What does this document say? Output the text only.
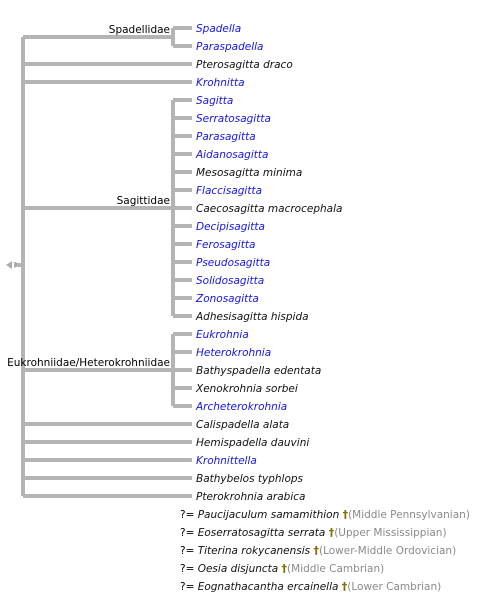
Spadellidae Spadella
Paraspadella
Pterosagitta draco
Krohnitta
Sagittidae
Sagitta
Serratosagitta
Parasagitta
Aidanosagitta
Mesosagitta minima
Flaccisagitta
Caecosagitta macrocephala
Decipisagitta
Ferosagitta
Pseudosagitta
Solidosagitta
Zonosagitta
Adhesisagitta hispida
Eukrohniidae/Heterokrohniidae
Eukrohnia
Heterokrohnia
Bathyspadella edentata
Xenokrohnia sorbei
Archeterokrohnia
Calispadella alata
Hemispadella dauvini
Krohnittella
Bathybelos typhlops
Pterokrohnia arabica
?
?= Paucijaculum samamithion †(Middle Pennsylvanian)
?= Eoserratosagitta serrata †(Upper Mississippian)
?= Titerina rokycanensis †(Lower-Middle Ordovician)
?= Oesia disjuncta †(Middle Cambrian)
?= Eognathacantha ercainella †(Lower Cambrian)
